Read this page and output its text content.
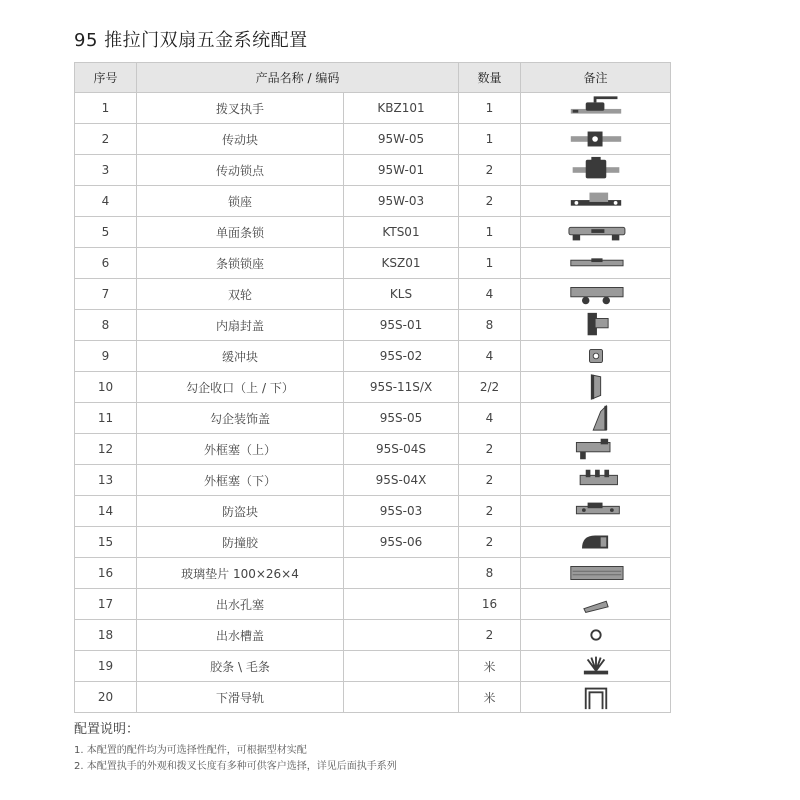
95 推拉门双扇五金系统配置
序号	产品名称 / 编码		数量	备注
1	拨叉执手	KBZ101	1	

2	传动块	95W-05	1	

3	传动锁点	95W-01	2	

4	锁座	95W-03	2	

5	单面条锁	KTS01	1	

6	条锁锁座	KSZ01	1	

7	双轮	KLS	4	

8	内扇封盖	95S-01	8	

9	缓冲块	95S-02	4	

10	勾企收口（上 / 下）	95S-11S/X	2/2	

11	勾企装饰盖	95S-05	4	

12	外框塞（上）	95S-04S	2	

13	外框塞（下）	95S-04X	2	

14	防盗块	95S-03	2	

15	防撞胶	95S-06	2	

16	玻璃垫片 100×26×4		8	

17	出水孔塞		16	

18	出水槽盖		2	

19	胶条 \ 毛条		米	

20	下滑导轨		米	
配置说明：
1. 本配置的配件均为可选择性配件，可根据型材实配
2. 本配置执手的外观和拨叉长度有多种可供客户选择，详见后面执手系列
